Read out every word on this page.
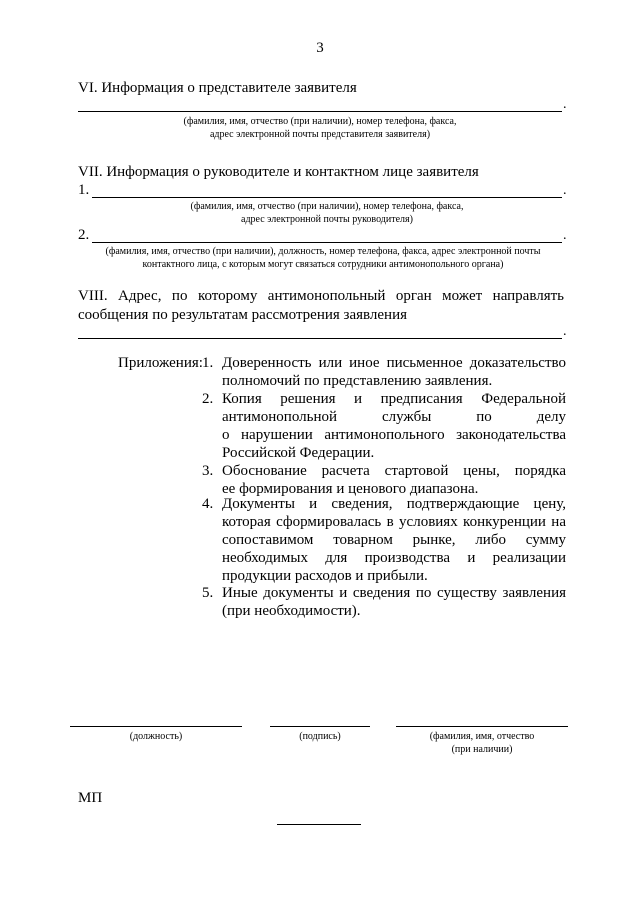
3
VI. Информация о представителе заявителя
.
(фамилия, имя, отчество (при наличии), номер телефона, факса,
адрес электронной почты представителя заявителя)
VII. Информация о руководителе и контактном лице заявителя
1.	.
(фамилия, имя, отчество (при наличии), номер телефона, факса,
адрес электронной почты руководителя)
2.	.
(фамилия, имя, отчество (при наличии), должность, номер телефона, факса, адрес электронной почты
контактного лица, с которым могут связаться сотрудники антимонопольного органа)
VIII. Адрес, по которому антимонопольный орган может направлять
сообщения по результатам рассмотрения заявления
.
Приложения: 1. Доверенность или иное письменное доказательство
полномочий по представлению заявления.
2. Копия решения и предписания Федеральной
антимонопольной службы по делу
о нарушении антимонопольного законодательства
Российской Федерации.
3. Обоснование расчета стартовой цены, порядка
ее формирования и ценового диапазона.
4. Документы и сведения, подтверждающие цену,
которая сформировалась в условиях конкуренции на
сопоставимом товарном рынке, либо сумму
необходимых для производства и реализации
продукции расходов и прибыли.
5. Иные документы и сведения по существу заявления
(при необходимости).
(должность)	(подпись)	(фамилия, имя, отчество
(при наличии)
МП
